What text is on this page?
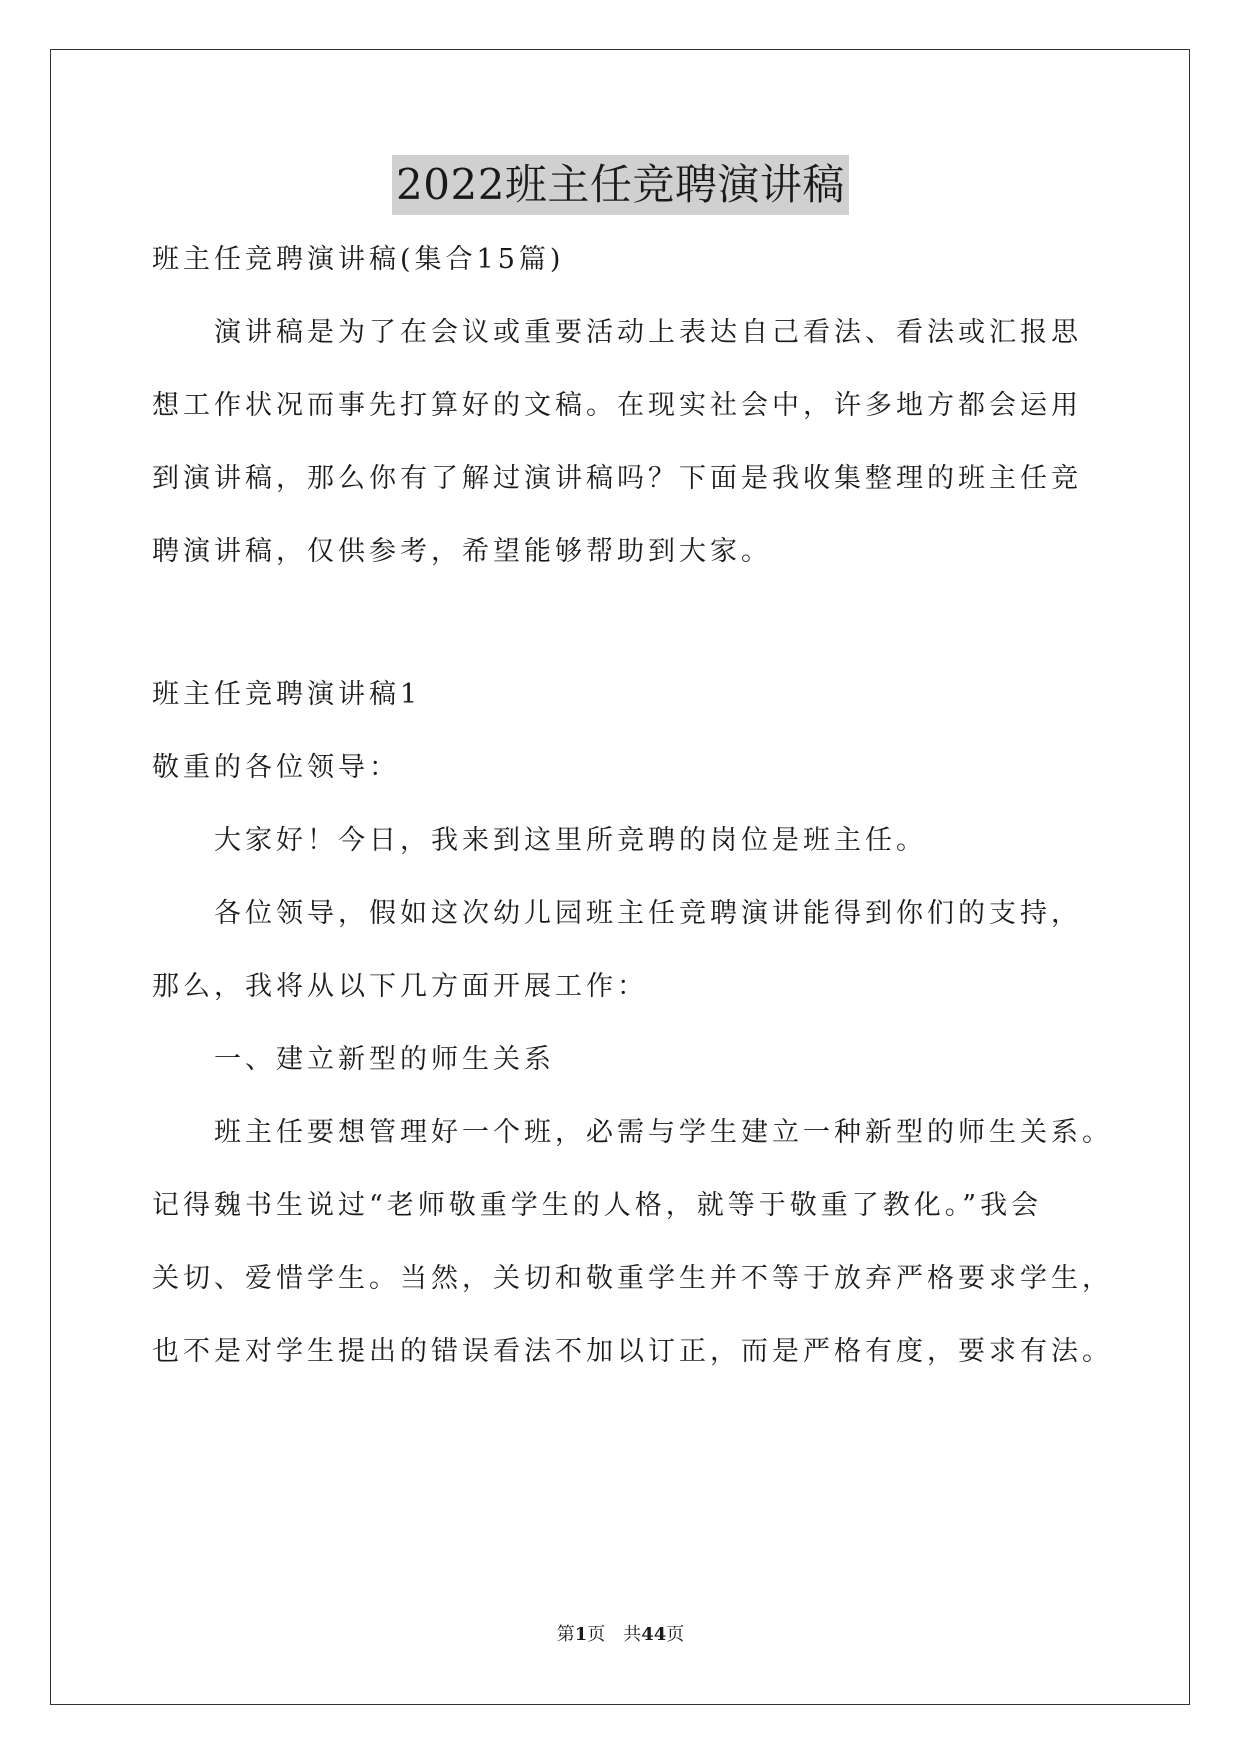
2022班主任竞聘演讲稿
班主任竞聘演讲稿(集合15篇)
演讲稿是为了在会议或重要活动上表达自己看法、看法或汇报思
想工作状况而事先打算好的文稿。在现实社会中，许多地方都会运用
到演讲稿，那么你有了解过演讲稿吗？下面是我收集整理的班主任竞
聘演讲稿，仅供参考，希望能够帮助到大家。
班主任竞聘演讲稿1
敬重的各位领导：
大家好！今日，我来到这里所竞聘的岗位是班主任。
各位领导，假如这次幼儿园班主任竞聘演讲能得到你们的支持，
那么，我将从以下几方面开展工作：
一、建立新型的师生关系
班主任要想管理好一个班，必需与学生建立一种新型的师生关系。
记得魏书生说过“老师敬重学生的人格，就等于敬重了教化。”我会
关切、爱惜学生。当然，关切和敬重学生并不等于放弃严格要求学生，
也不是对学生提出的错误看法不加以订正，而是严格有度，要求有法。
第1页　共44页
